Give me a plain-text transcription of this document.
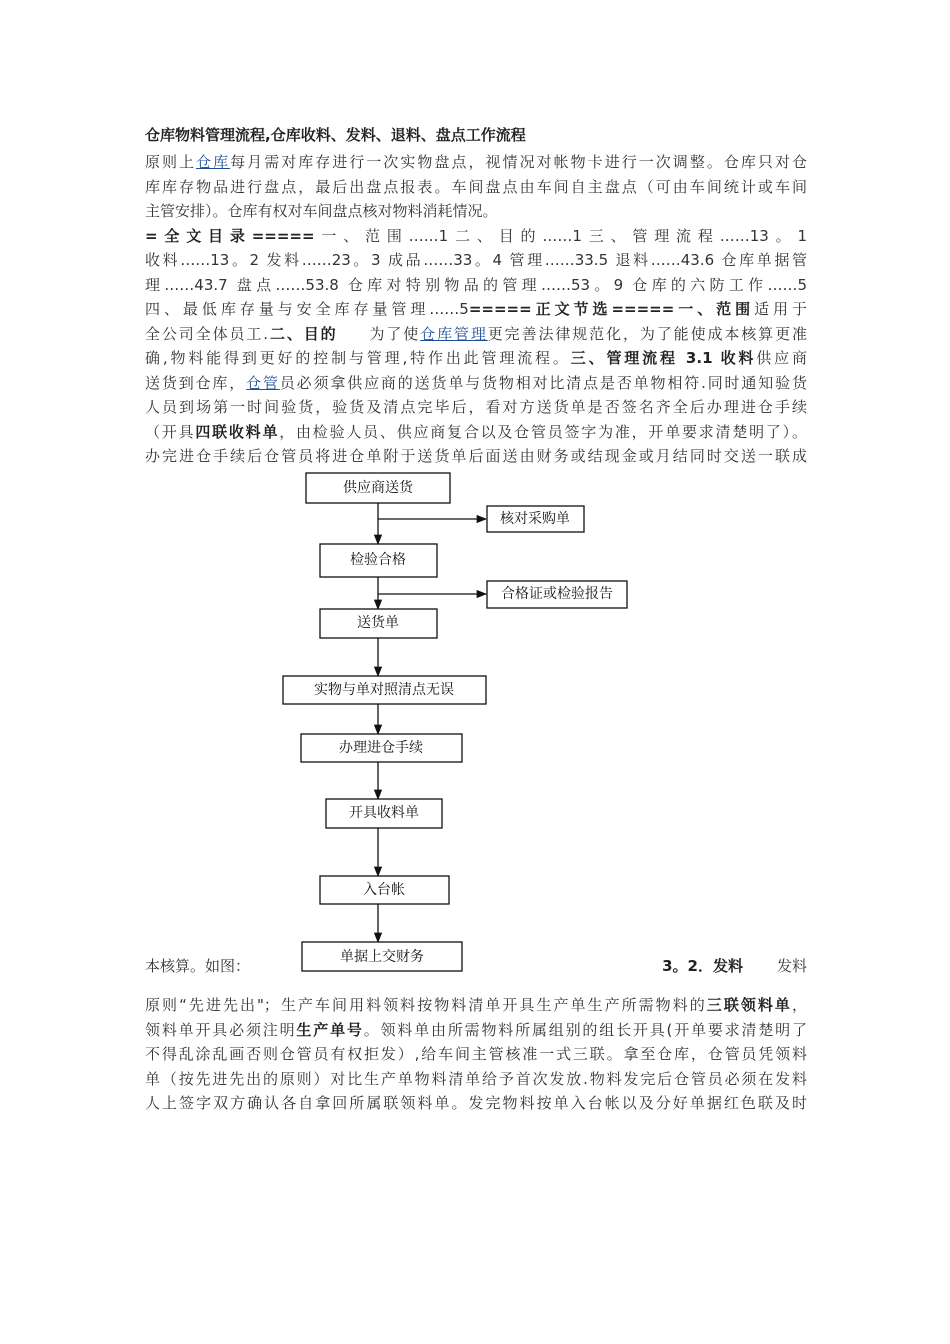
仓库物料管理流程,仓库收料、发料、退料、盘点工作流程
原则上仓库每月需对库存进行一次实物盘点，视情况对帐物卡进行一次调整。仓库只对仓
库库存物品进行盘点，最后出盘点报表。车间盘点由车间自主盘点（可由车间统计或车间
主管安排）。仓库有权对车间盘点核对物料消耗情况。
=全文目录=====一、范围……1二、目的……1三、管理流程……13。1
收料……13。2 发料……23。3 成品……33。4 管理……33.5 退料……43.6 仓库单据管
理……43.7 盘点……53.8 仓库对特别物品的管理……53。9 仓库的六防工作……5
四、最低库存量与安全库存量管理……5=====正文节选=====一、范围适用于
全公司全体员工.二、目的 为了使仓库管理更完善法律规范化，为了能使成本核算更准
确,物料能得到更好的控制与管理,特作出此管理流程。三、管理流程 3.1 收料供应商
送货到仓库，仓管员必须拿供应商的送货单与货物相对比清点是否单物相符.同时通知验货
人员到场第一时间验货，验货及清点完毕后，看对方送货单是否签名齐全后办理进仓手续
（开具四联收料单，由检验人员、供应商复合以及仓管员签字为准，开单要求清楚明了）。
办完进仓手续后仓管员将进仓单附于送货单后面送由财务或结现金或月结同时交送一联成
供应商送货
检验合格
送货单
实物与单对照清点无误
办理进仓手续
开具收料单
入台帐
单据上交财务
核对采购单
合格证或检验报告
本核算。如图：	3。2．发料 发料
原则“先进先出"；生产车间用料领料按物料清单开具生产单生产所需物料的三联领料单，
领料单开具必须注明生产单号。领料单由所需物料所属组别的组长开具(开单要求清楚明了
不得乱涂乱画否则仓管员有权拒发）,给车间主管核准一式三联。拿至仓库，仓管员凭领料
单（按先进先出的原则）对比生产单物料清单给予首次发放.物料发完后仓管员必须在发料
人上签字双方确认各自拿回所属联领料单。发完物料按单入台帐以及分好单据红色联及时
